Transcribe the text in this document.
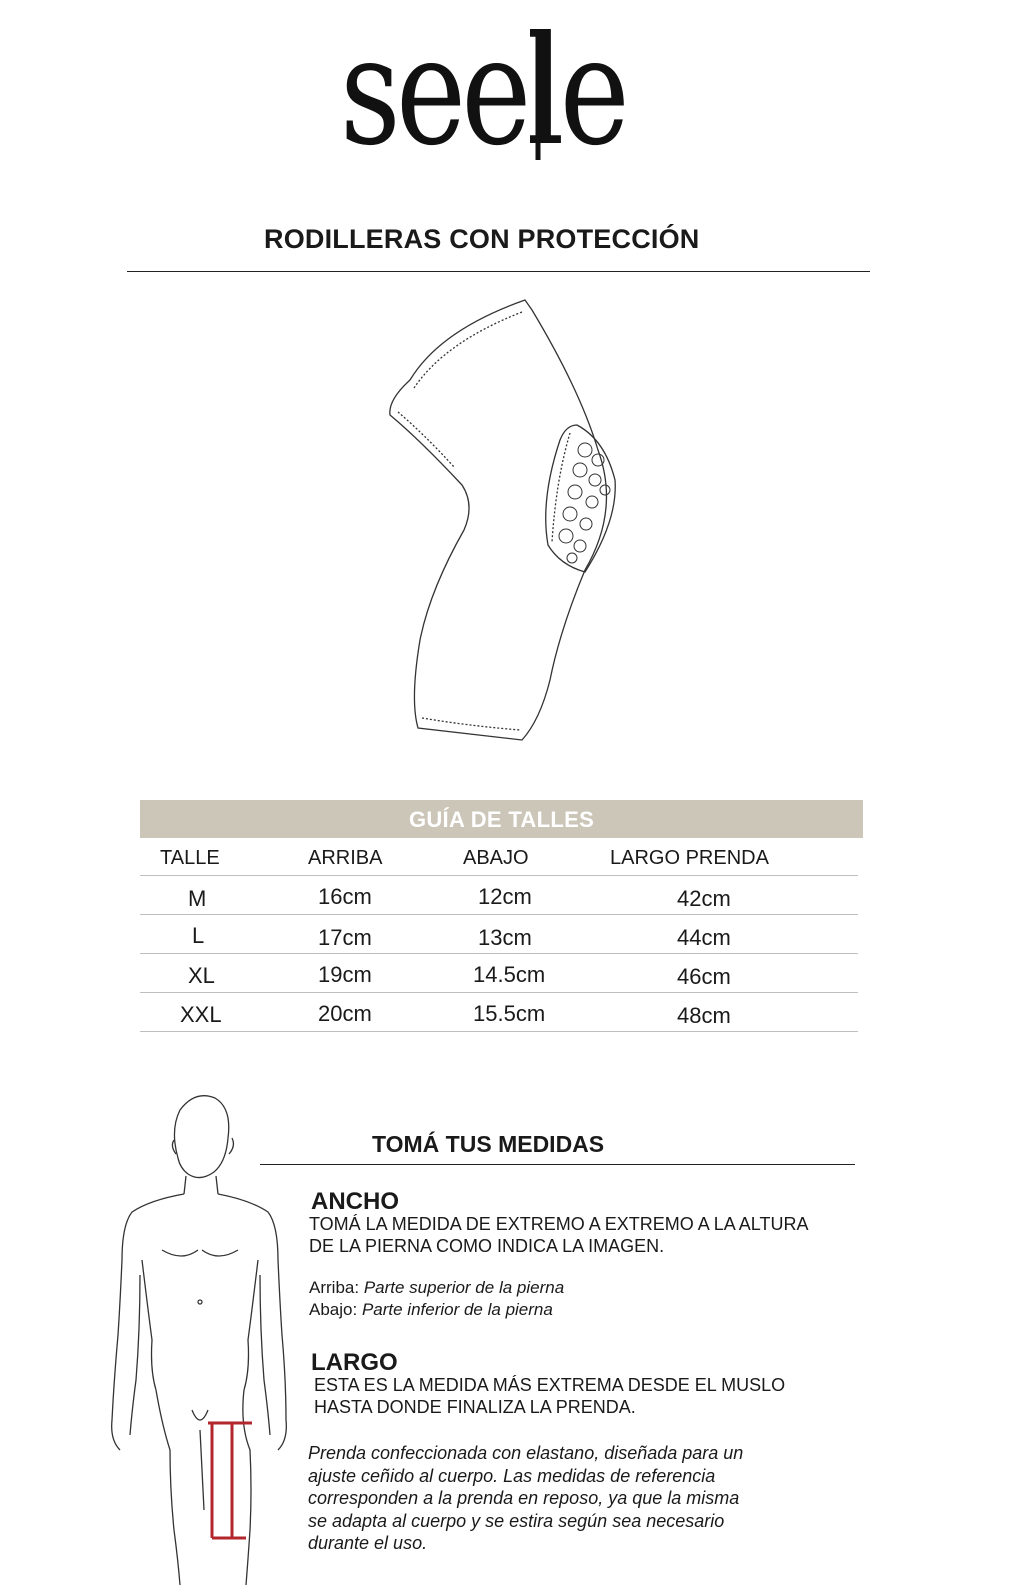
seele
RODILLERAS CON PROTECCIÓN
GUÍA DE TALLES
TALLE	ARRIBA	ABAJO	LARGO PRENDA
M	16cm	12cm	42cm
L	17cm	13cm	44cm
XL	19cm	14.5cm	46cm
XXL	20cm	15.5cm	48cm
TOMÁ TUS MEDIDAS
ANCHO
TOMÁ LA MEDIDA DE EXTREMO A EXTREMO A LA ALTURA
DE LA PIERNA COMO INDICA LA IMAGEN.
Arriba: Parte superior de la pierna
Abajo: Parte inferior de la pierna
LARGO
ESTA ES LA MEDIDA MÁS EXTREMA DESDE EL MUSLO
HASTA DONDE FINALIZA LA PRENDA.
Prenda confeccionada con elastano, diseñada para un
ajuste ceñido al cuerpo. Las medidas de referencia
corresponden a la prenda en reposo, ya que la misma
se adapta al cuerpo y se estira según sea necesario
durante el uso.
